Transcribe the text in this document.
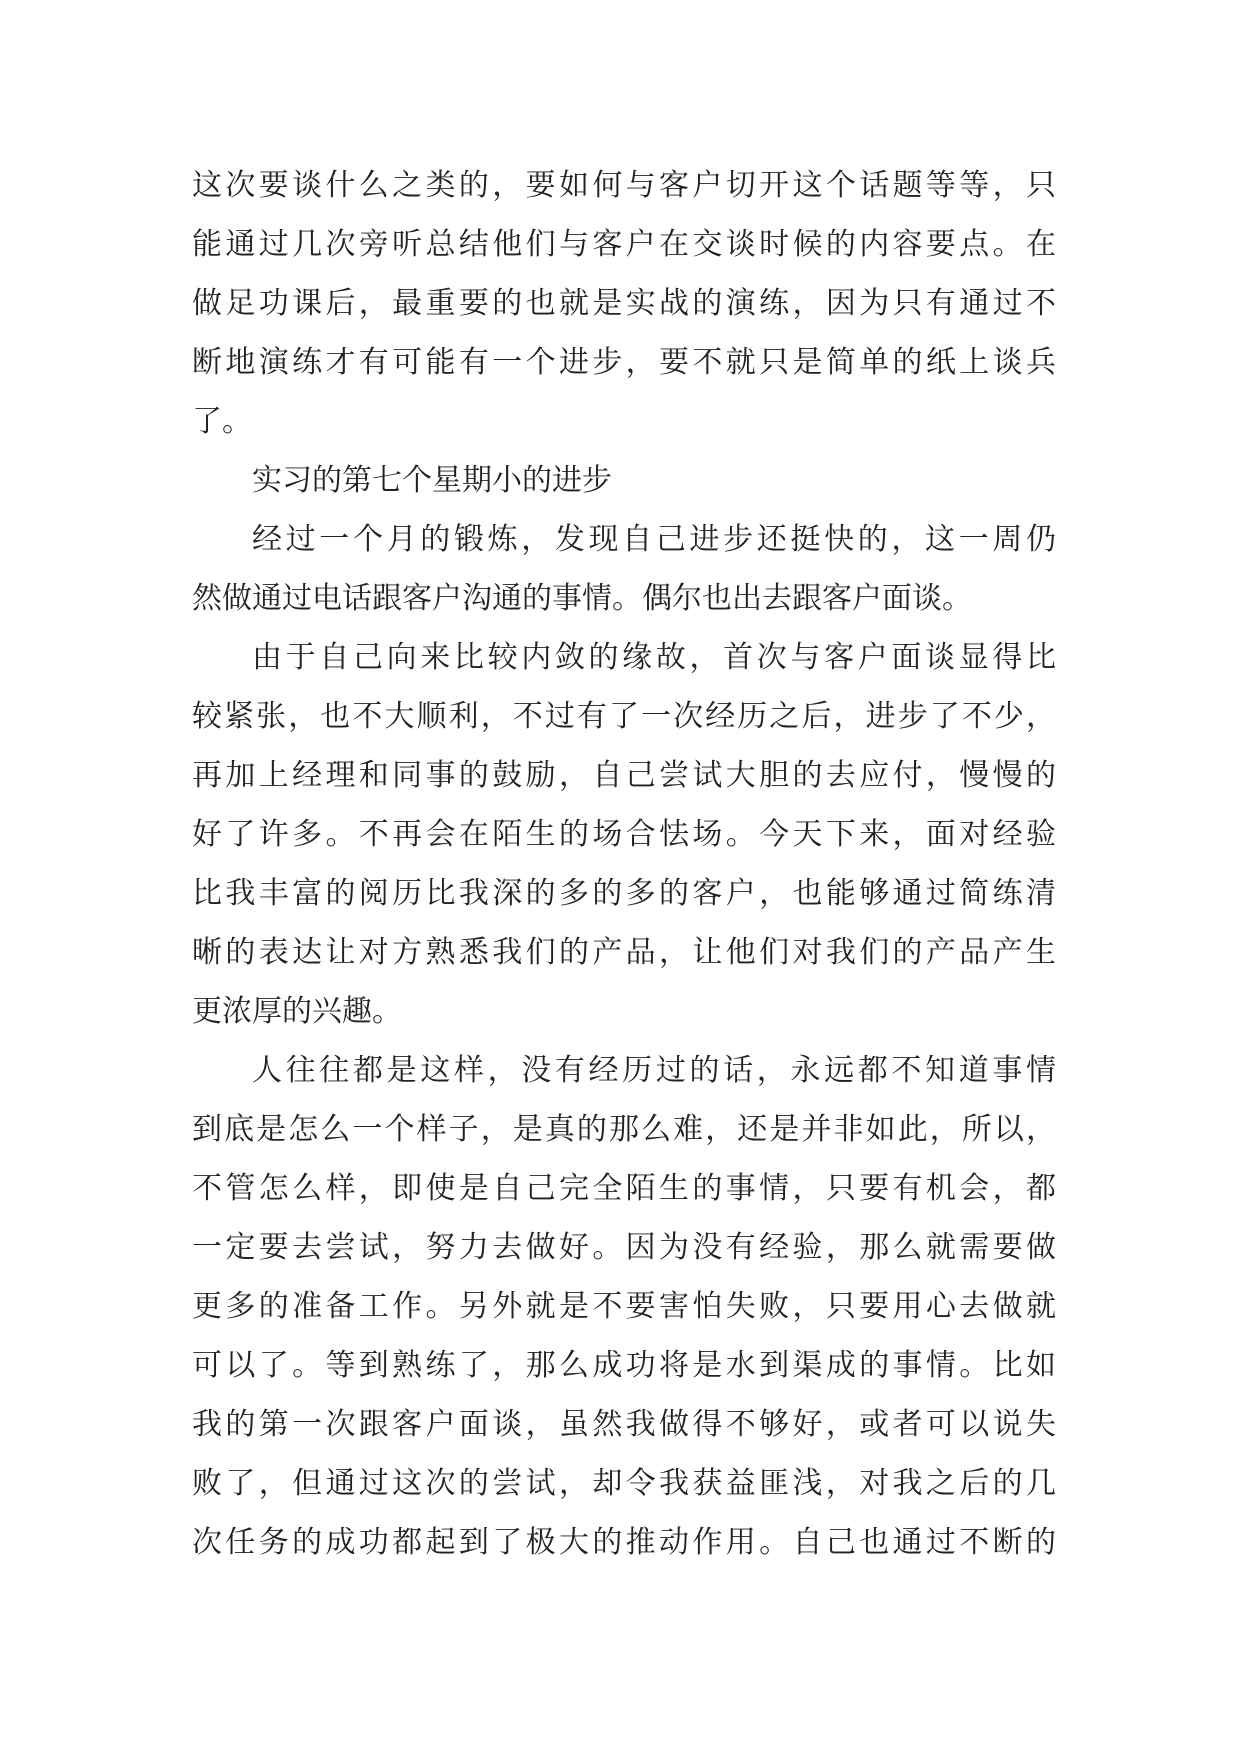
这次要谈什么之类的，要如何与客户切开这个话题等等，只
能通过几次旁听总结他们与客户在交谈时候的内容要点。在
做足功课后，最重要的也就是实战的演练，因为只有通过不
断地演练才有可能有一个进步，要不就只是简单的纸上谈兵
了。
实习的第七个星期小的进步
经过一个月的锻炼，发现自己进步还挺快的，这一周仍
然做通过电话跟客户沟通的事情。偶尔也出去跟客户面谈。
由于自己向来比较内敛的缘故，首次与客户面谈显得比
较紧张，也不大顺利，不过有了一次经历之后，进步了不少，
再加上经理和同事的鼓励，自己尝试大胆的去应付，慢慢的
好了许多。不再会在陌生的场合怯场。今天下来，面对经验
比我丰富的阅历比我深的多的多的客户，也能够通过简练清
晰的表达让对方熟悉我们的产品，让他们对我们的产品产生
更浓厚的兴趣。
人往往都是这样，没有经历过的话，永远都不知道事情
到底是怎么一个样子，是真的那么难，还是并非如此，所以，
不管怎么样，即使是自己完全陌生的事情，只要有机会，都
一定要去尝试，努力去做好。因为没有经验，那么就需要做
更多的准备工作。另外就是不要害怕失败，只要用心去做就
可以了。等到熟练了，那么成功将是水到渠成的事情。比如
我的第一次跟客户面谈，虽然我做得不够好，或者可以说失
败了，但通过这次的尝试，却令我获益匪浅，对我之后的几
次任务的成功都起到了极大的推动作用。自己也通过不断的
